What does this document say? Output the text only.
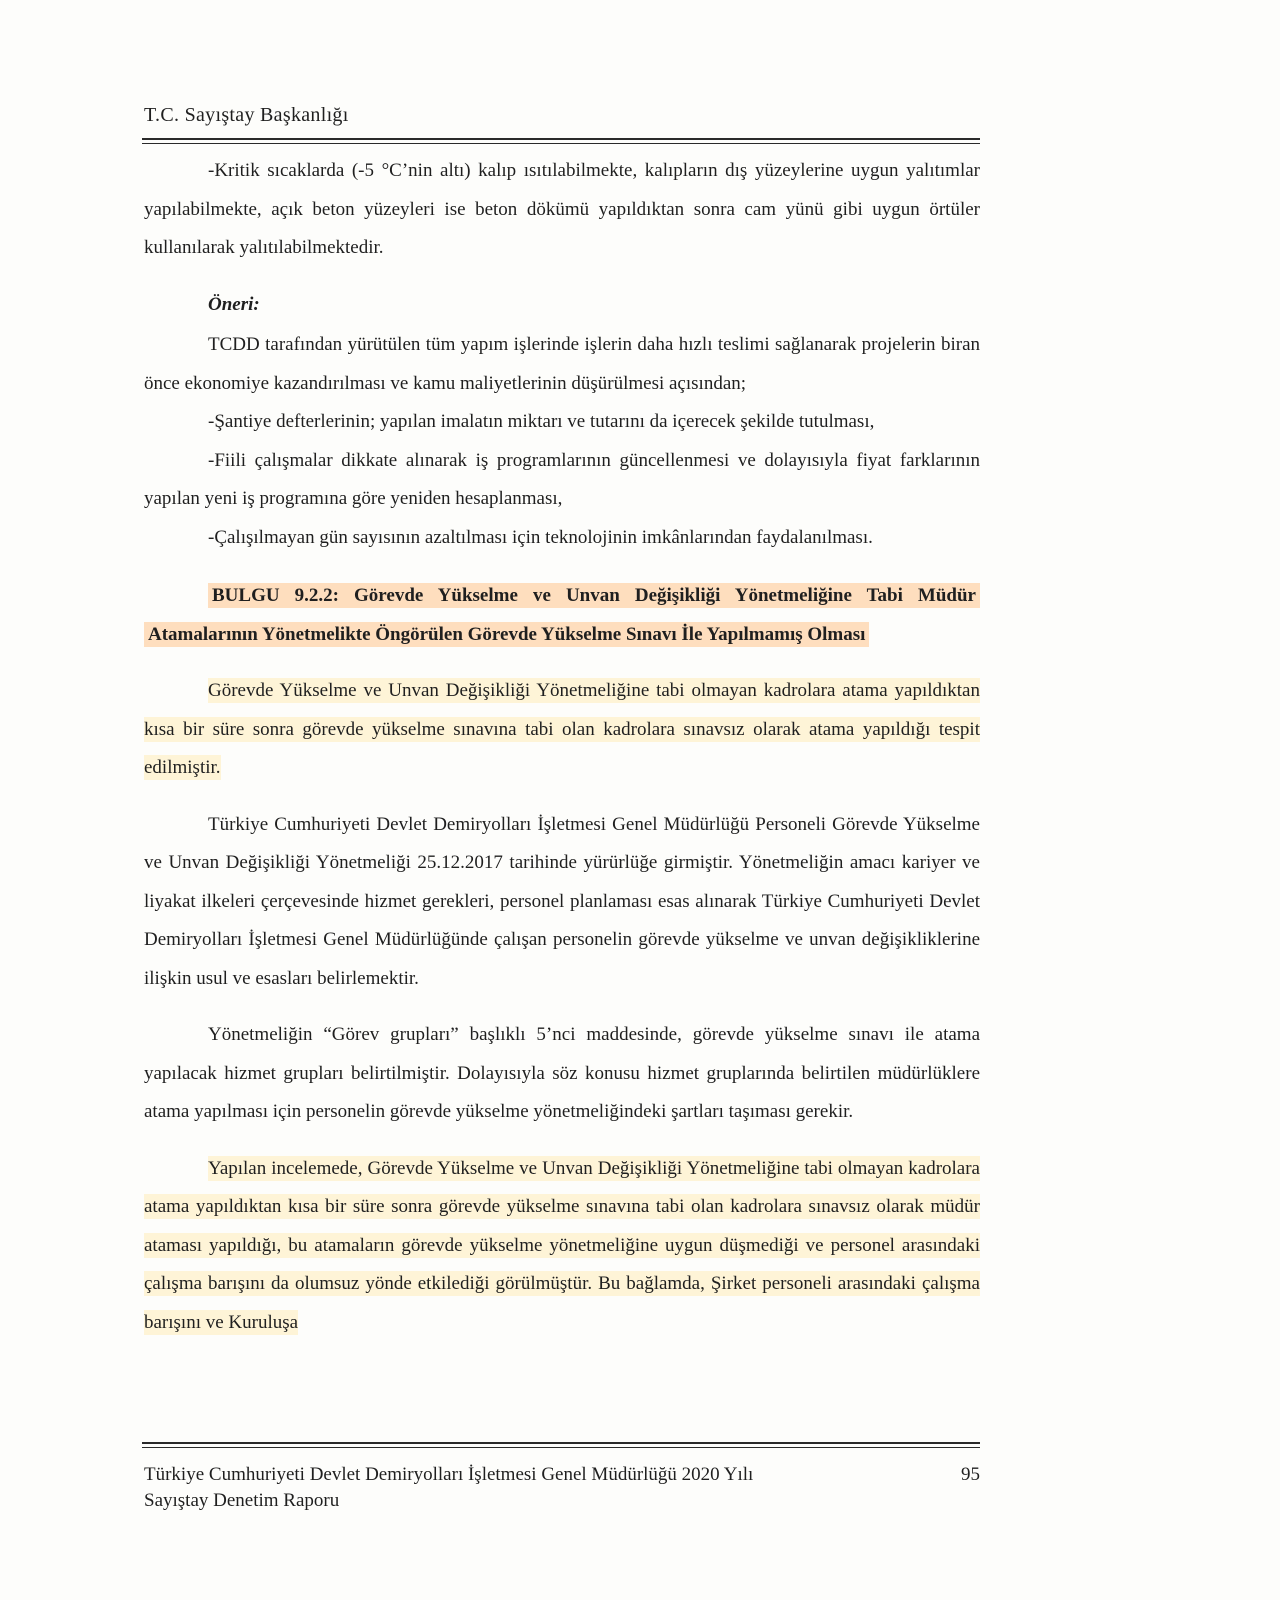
T.C. Sayıştay Başkanlığı

-Kritik sıcaklarda (-5 °C’nin altı) kalıp ısıtılabilmekte, kalıpların dış yüzeylerine uygun yalıtımlar yapılabilmekte, açık beton yüzeyleri ise beton dökümü yapıldıktan sonra cam yünü gibi uygun örtüler kullanılarak yalıtılabilmektedir.

Öneri:

TCDD tarafından yürütülen tüm yapım işlerinde işlerin daha hızlı teslimi sağlanarak projelerin biran önce ekonomiye kazandırılması ve kamu maliyetlerinin düşürülmesi açısından;

-Şantiye defterlerinin; yapılan imalatın miktarı ve tutarını da içerecek şekilde tutulması,

-Fiili çalışmalar dikkate alınarak iş programlarının güncellenmesi ve dolayısıyla fiyat farklarının yapılan yeni iş programına göre yeniden hesaplanması,

-Çalışılmayan gün sayısının azaltılması için teknolojinin imkânlarından faydalanılması.

BULGU 9.2.2: Görevde Yükselme ve Unvan Değişikliği Yönetmeliğine Tabi Müdür Atamalarının Yönetmelikte Öngörülen Görevde Yükselme Sınavı İle Yapılmamış Olması

Görevde Yükselme ve Unvan Değişikliği Yönetmeliğine tabi olmayan kadrolara atama yapıldıktan kısa bir süre sonra görevde yükselme sınavına tabi olan kadrolara sınavsız olarak atama yapıldığı tespit edilmiştir.

Türkiye Cumhuriyeti Devlet Demiryolları İşletmesi Genel Müdürlüğü Personeli Görevde Yükselme ve Unvan Değişikliği Yönetmeliği 25.12.2017 tarihinde yürürlüğe girmiştir. Yönetmeliğin amacı kariyer ve liyakat ilkeleri çerçevesinde hizmet gerekleri, personel planlaması esas alınarak Türkiye Cumhuriyeti Devlet Demiryolları İşletmesi Genel Müdürlüğünde çalışan personelin görevde yükselme ve unvan değişikliklerine ilişkin usul ve esasları belirlemektir.

Yönetmeliğin “Görev grupları” başlıklı 5’nci maddesinde, görevde yükselme sınavı ile atama yapılacak hizmet grupları belirtilmiştir. Dolayısıyla söz konusu hizmet gruplarında belirtilen müdürlüklere atama yapılması için personelin görevde yükselme yönetmeliğindeki şartları taşıması gerekir.

Yapılan incelemede, Görevde Yükselme ve Unvan Değişikliği Yönetmeliğine tabi olmayan kadrolara atama yapıldıktan kısa bir süre sonra görevde yükselme sınavına tabi olan kadrolara sınavsız olarak müdür ataması yapıldığı, bu atamaların görevde yükselme yönetmeliğine uygun düşmediği ve personel arasındaki çalışma barışını da olumsuz yönde etkilediği görülmüştür. Bu bağlamda, Şirket personeli arasındaki çalışma barışını ve Kuruluşa

Türkiye Cumhuriyeti Devlet Demiryolları İşletmesi Genel Müdürlüğü 2020 Yılı
Sayıştay Denetim Raporu
95
